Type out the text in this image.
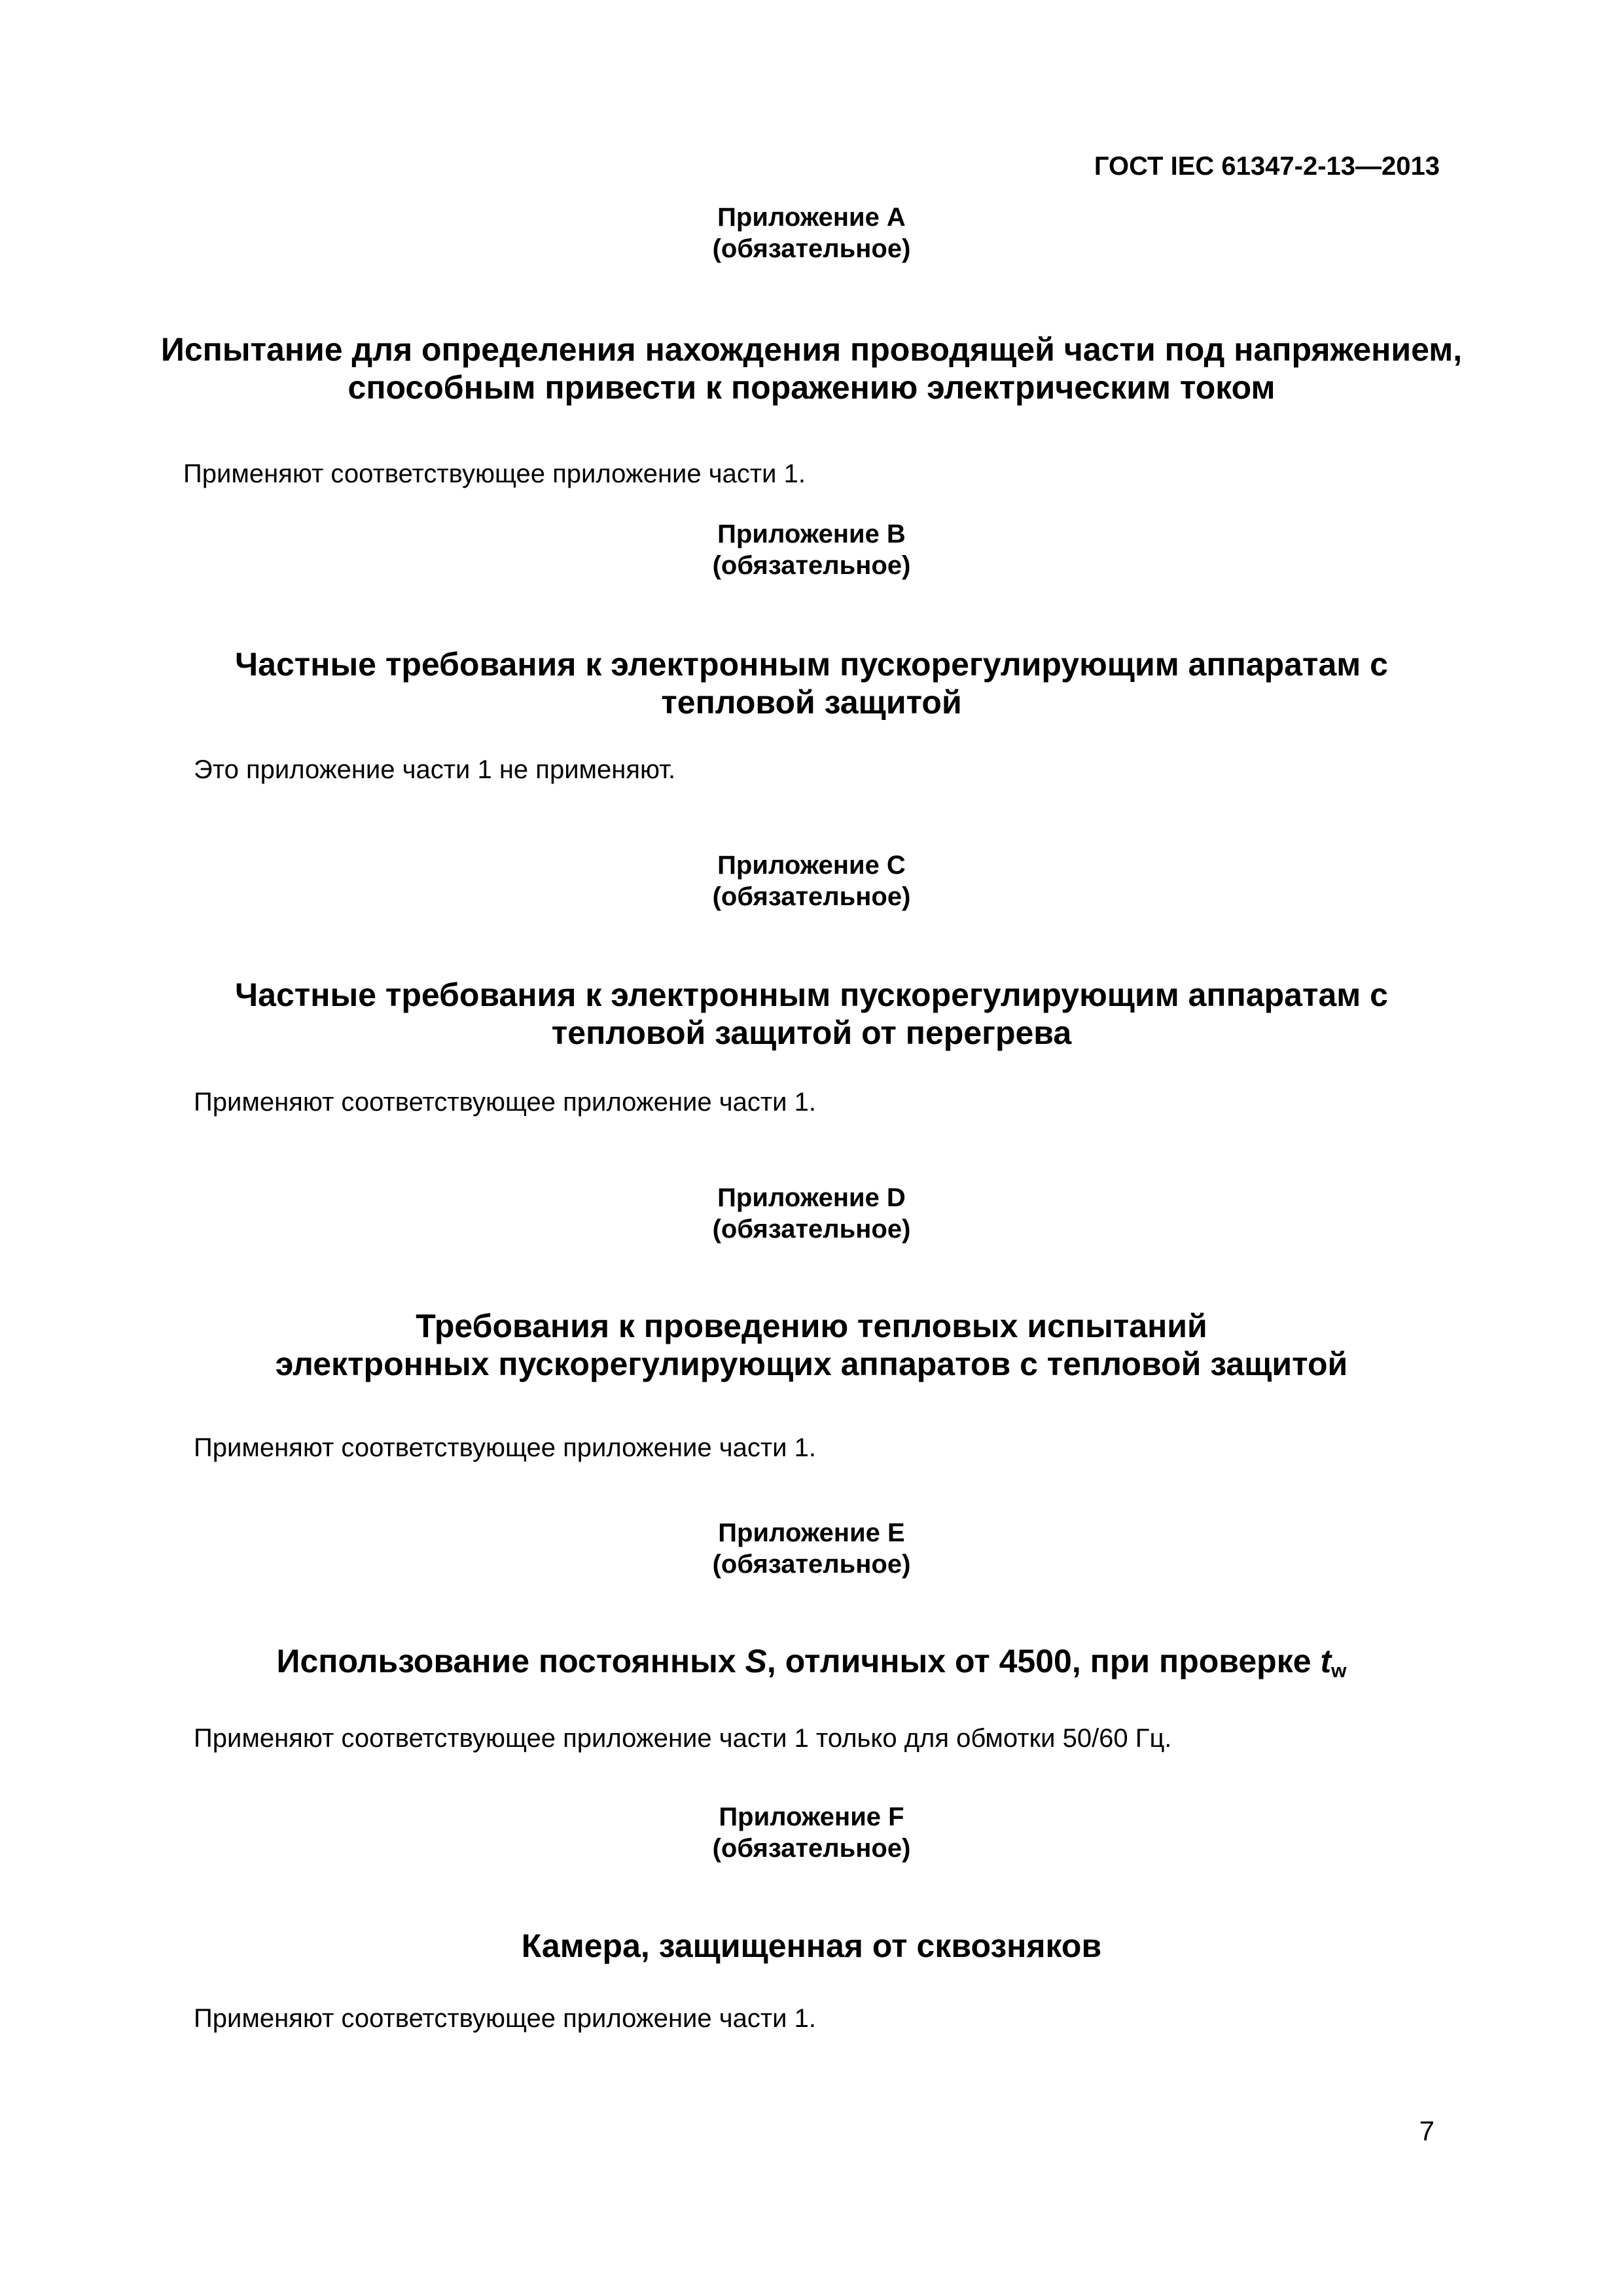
ГОСТ IEC 61347-2-13—2013

Приложение А

(обязательное)

Испытание для определения нахождения проводящей части под напряжением,

способным привести к поражению электрическим током

Применяют соответствующее приложение части 1.

Приложение В

(обязательное)

Частные требования к электронным пускорегулирующим аппаратам с

тепловой защитой

Это приложение части 1 не применяют.

Приложение С

(обязательное)

Частные требования к электронным пускорегулирующим аппаратам с

тепловой защитой от перегрева

Применяют соответствующее приложение части 1.

Приложение D

(обязательное)

Требования к проведению тепловых испытаний

электронных пускорегулирующих аппаратов с тепловой защитой

Применяют соответствующее приложение части 1.

Приложение Е

(обязательное)

Использование постоянных S, отличных от 4500, при проверке $t_w$

Применяют соответствующее приложение части 1 только для обмотки 50/60 Гц.

Приложение F

(обязательное)

Камера, защищенная от сквозняков

Применяют соответствующее приложение части 1.

7
